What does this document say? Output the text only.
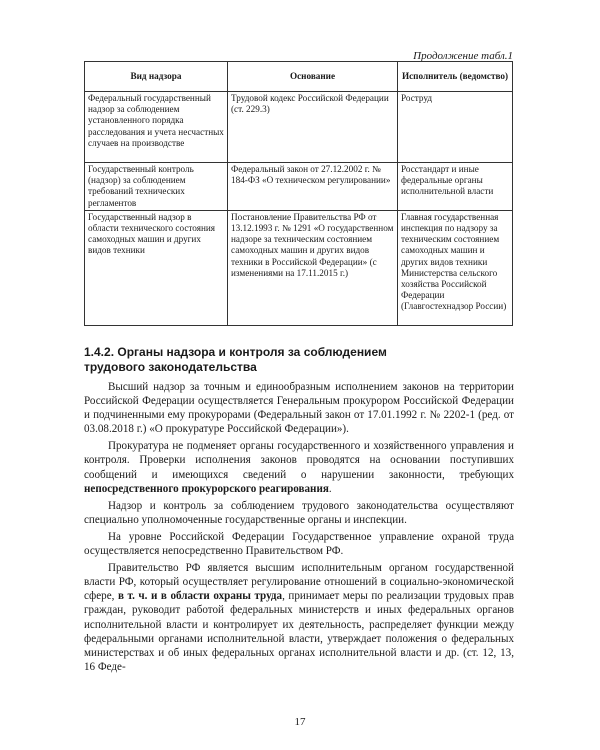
Продолжение табл.1
Вид надзора	Основание	Исполнитель (ведомство)
Федеральный государственный надзор за соблюдением установленного порядка расследования и учета несчастных случаев на производстве	Трудовой кодекс Российской Федерации (ст. 229.3)	Роструд
Государственный контроль (надзор) за соблюдением требований технических регламентов	Федеральный закон от 27.12.2002 г. № 184-ФЗ «О техническом регулировании»	Росстандарт и иные федеральные органы исполнительной власти
Государственный надзор в области технического состояния самоходных машин и других видов техники	Постановление Правительства РФ от 13.12.1993 г. № 1291 «О государственном надзоре за техническим состоянием самоходных машин и других видов техники в Российской Федерации» (с изменениями на 17.11.2015 г.)	Главная государственная инспекция по надзору за техническим состоянием самоходных машин и других видов техники Министерства сельского хозяйства Российской Федерации (Главгостехнадзор России)
1.4.2. Органы надзора и контроля за соблюдением
трудового законодательства

Высший надзор за точным и единообразным исполнением законов на территории Российской Федерации осуществляется Генеральным прокурором Российской Федерации и подчиненными ему прокурорами (Федеральный закон от 17.01.1992 г. № 2202-1 (ред. от 03.08.2018 г.) «О прокуратуре Российской Федерации»).

Прокуратура не подменяет органы государственного и хозяйственного управления и контроля. Проверки исполнения законов проводятся на основании поступивших сообщений и имеющихся сведений о нарушении законности, требующих непосредственного прокурорского реагирования.

Надзор и контроль за соблюдением трудового законодательства осуществляют специально уполномоченные государственные органы и инспекции.

На уровне Российской Федерации Государственное управление охраной труда осуществляется непосредственно Правительством РФ.

Правительство РФ является высшим исполнительным органом государственной власти РФ, который осуществляет регулирование отношений в социально-экономической сфере, в т. ч. и в области охраны труда, принимает меры по реализации трудовых прав граждан, руководит работой федеральных министерств и иных федеральных органов исполнительной власти и контролирует их деятельность, распределяет функции между федеральными органами исполнительной власти, утверждает положения о федеральных министерствах и об иных федеральных органах исполнительной власти и др. (ст. 12, 13, 16 Феде-

17
